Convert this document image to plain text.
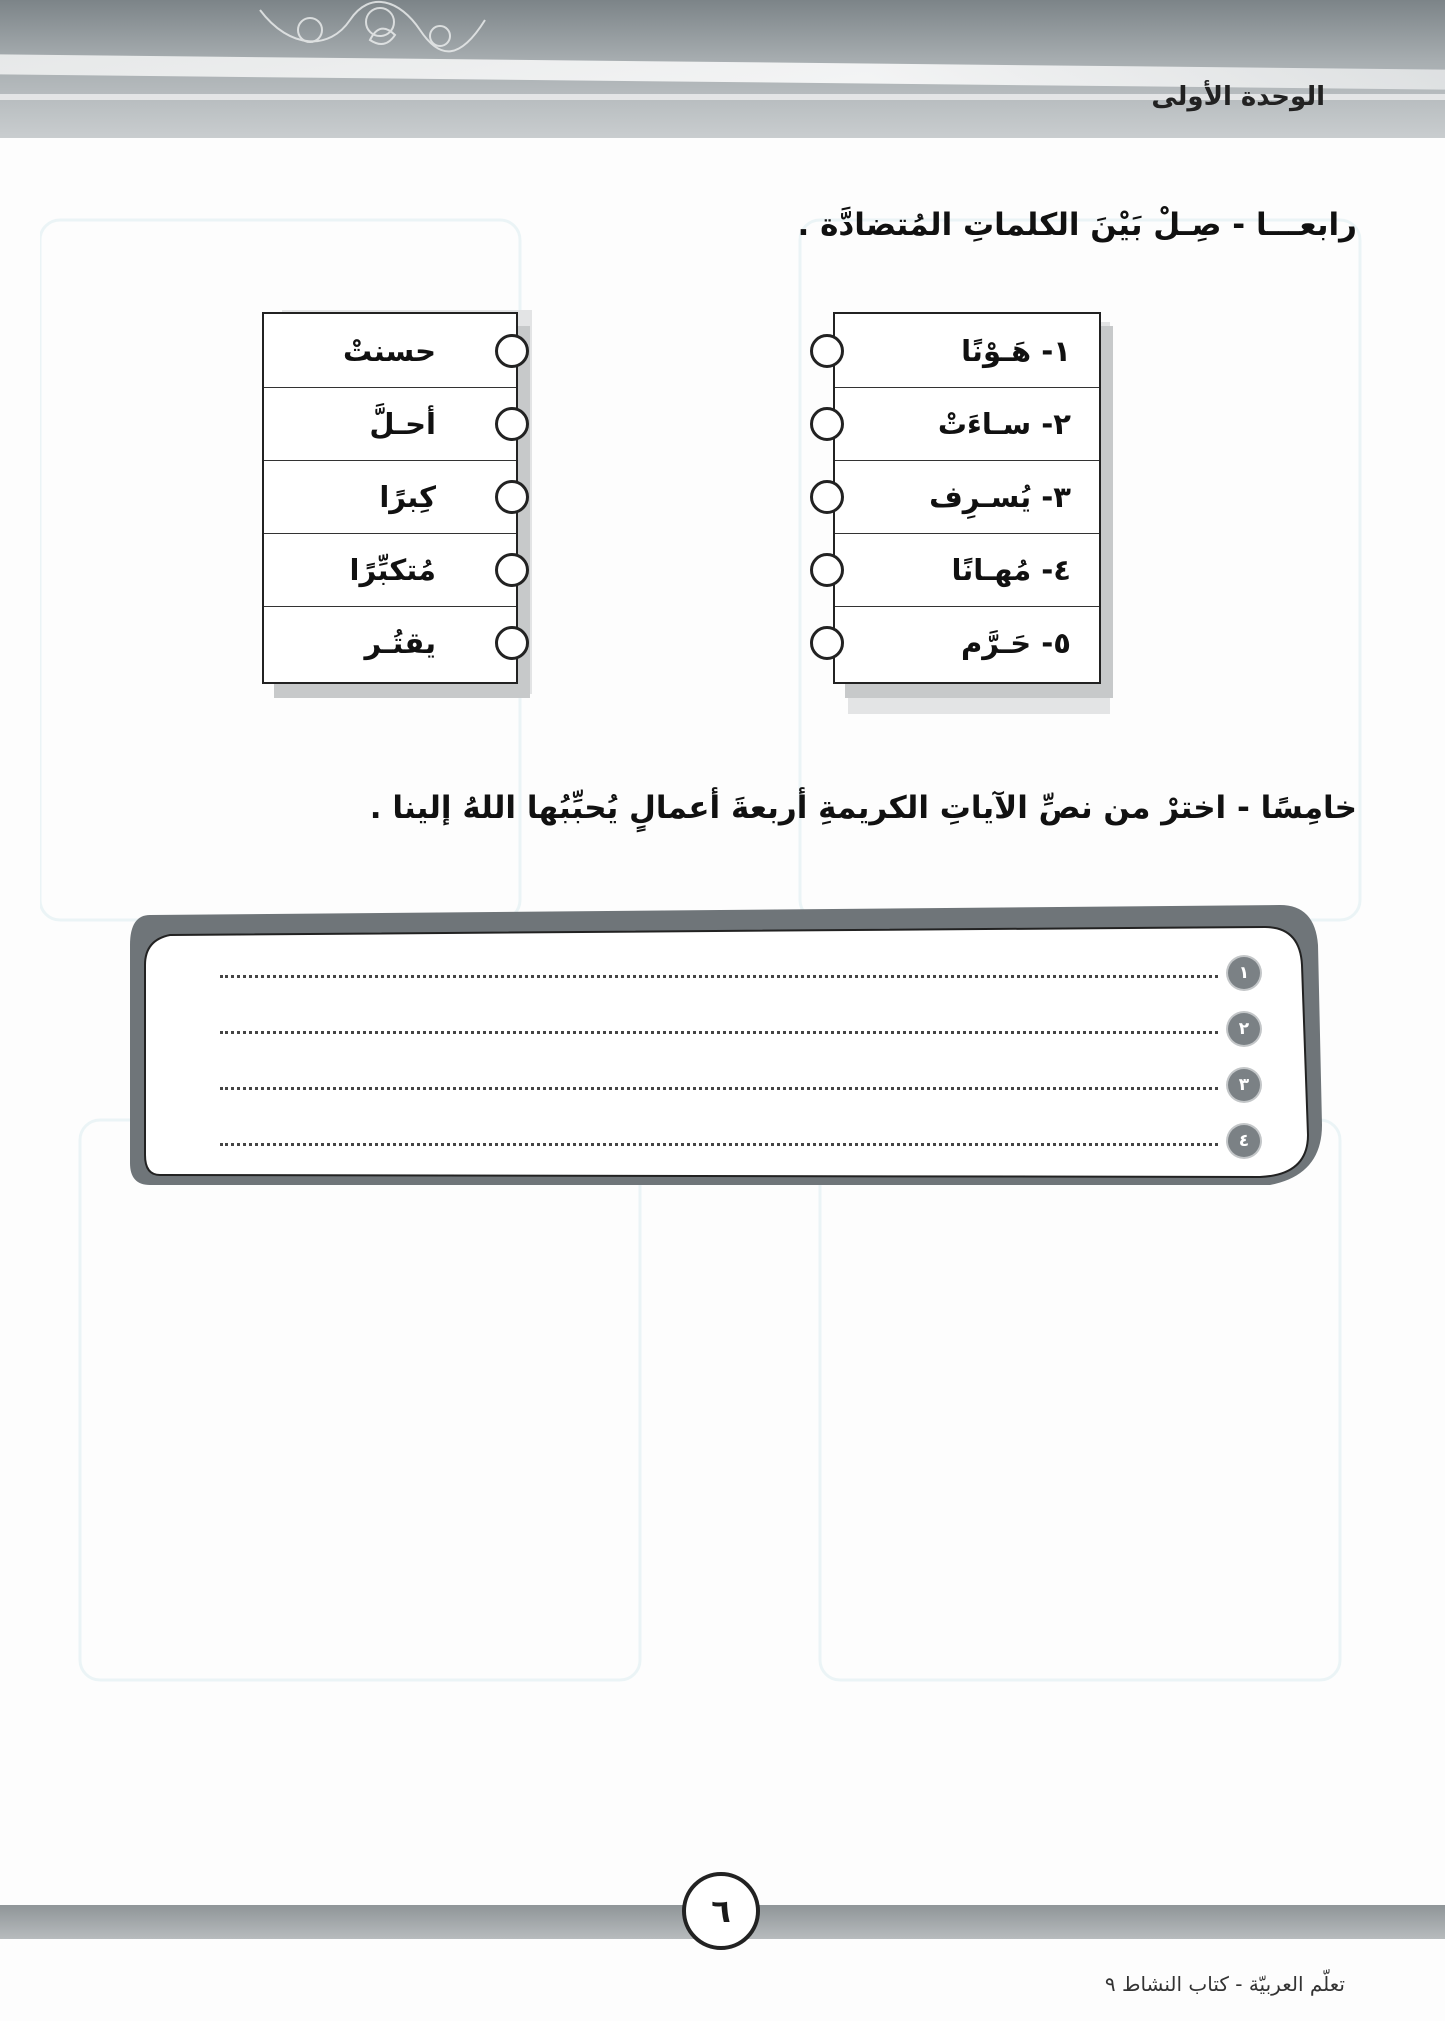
الوحدة الأولى
رابعـــا - صِـلْ بَيْنَ الكلماتِ المُتضادَّة .
١- هَـوْنًا
٢- سـاءَتْ
٣- يُسـرِف
٤- مُهـانًا
٥- حَـرَّم
حسنتْ
أحـلَّ
كِبرًا
مُتكبِّرًا
يقتُـر
خامِسًا - اخترْ من نصِّ الآياتِ الكريمةِ أربعةَ أعمالٍ يُحبِّبُها اللهُ إلينا .
١
٢
٣
٤
٦
تعلّم العربيّة - كتاب النشاط ٩
